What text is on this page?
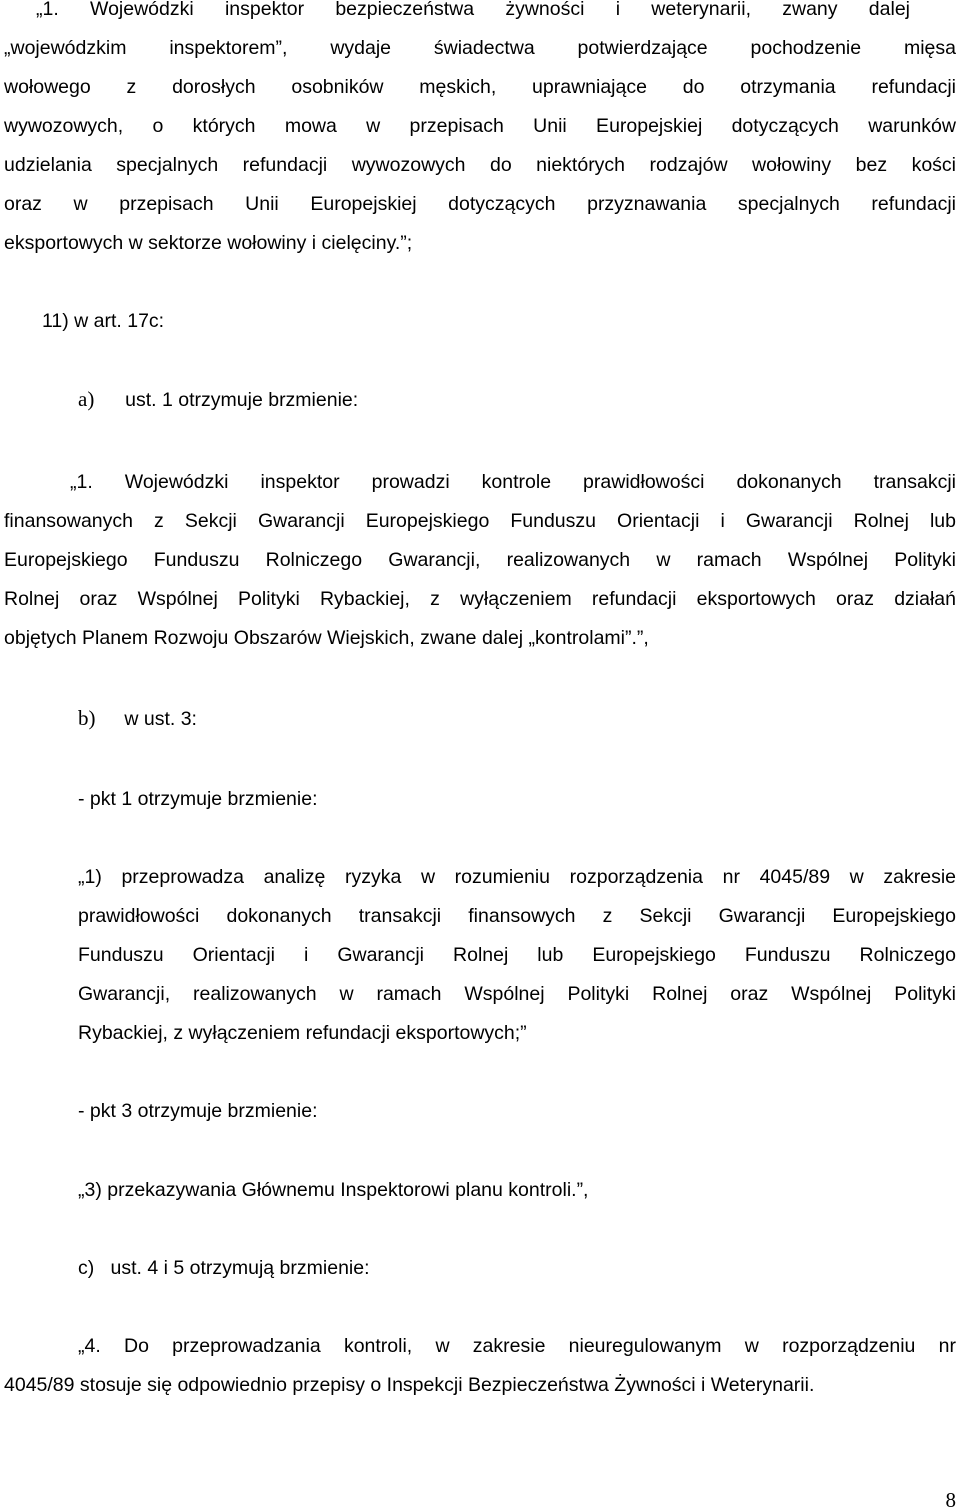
„1. Wojewódzki inspektor bezpieczeństwa żywności i weterynarii, zwany dalej
„wojewódzkim inspektorem”, wydaje świadectwa potwierdzające pochodzenie mięsa
wołowego z dorosłych osobników męskich, uprawniające do otrzymania refundacji
wywozowych, o których mowa w przepisach Unii Europejskiej dotyczących warunków
udzielania specjalnych refundacji wywozowych do niektórych rodzajów wołowiny bez kości
oraz w przepisach Unii Europejskiej dotyczących przyznawania specjalnych refundacji
eksportowych w sektorze wołowiny i cielęciny.”;
11) w art. 17c:
a) ust. 1 otrzymuje brzmienie:
„1. Wojewódzki inspektor prowadzi kontrole prawidłowości dokonanych transakcji
finansowanych z Sekcji Gwarancji Europejskiego Funduszu Orientacji i Gwarancji Rolnej lub
Europejskiego Funduszu Rolniczego Gwarancji, realizowanych w ramach Wspólnej Polityki
Rolnej oraz Wspólnej Polityki Rybackiej, z wyłączeniem refundacji eksportowych oraz działań
objętych Planem Rozwoju Obszarów Wiejskich, zwane dalej „kontrolami”.”,
b) w ust. 3:
- pkt 1 otrzymuje brzmienie:
„1) przeprowadza analizę ryzyka w rozumieniu rozporządzenia nr 4045/89 w zakresie
prawidłowości dokonanych transakcji finansowych z Sekcji Gwarancji Europejskiego
Funduszu Orientacji i Gwarancji Rolnej lub Europejskiego Funduszu Rolniczego
Gwarancji, realizowanych w ramach Wspólnej Polityki Rolnej oraz Wspólnej Polityki
Rybackiej, z wyłączeniem refundacji eksportowych;”
- pkt 3 otrzymuje brzmienie:
„3) przekazywania Głównemu Inspektorowi planu kontroli.”,
c)   ust. 4 i 5 otrzymują brzmienie:
„4. Do przeprowadzania kontroli, w zakresie nieuregulowanym w rozporządzeniu nr
4045/89 stosuje się odpowiednio przepisy o Inspekcji Bezpieczeństwa Żywności i Weterynarii.
8
